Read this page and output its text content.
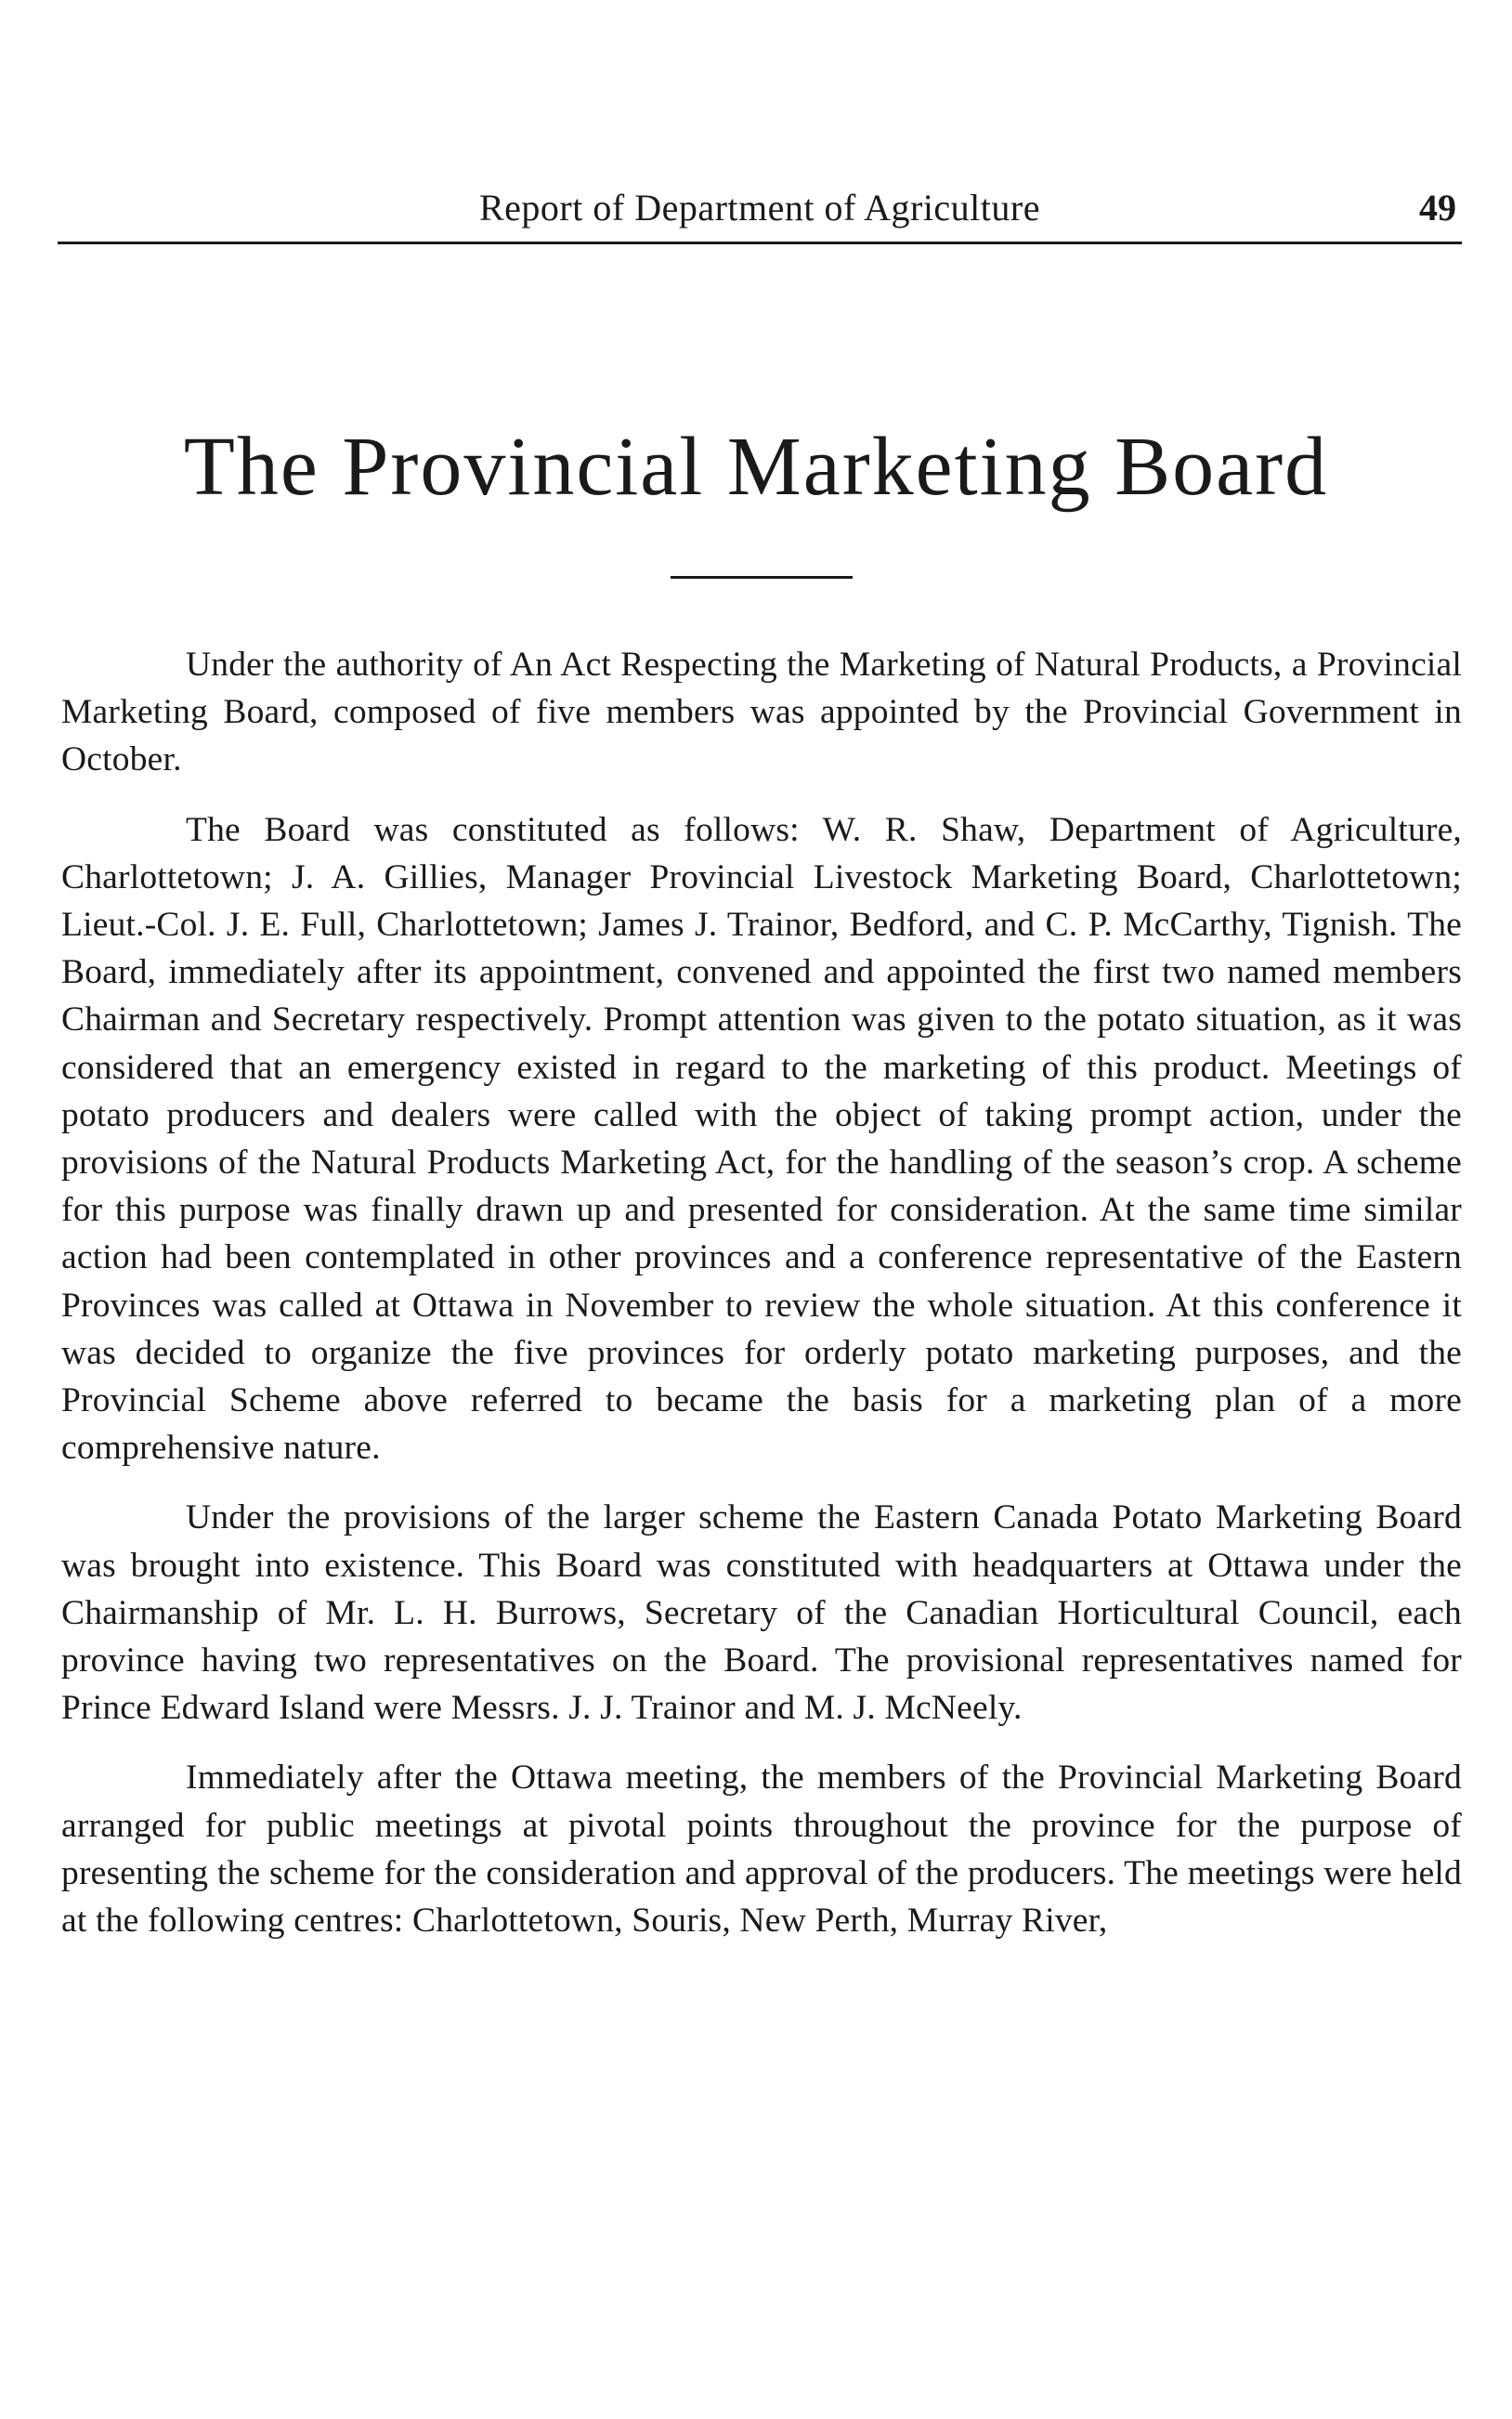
Report of Department of Agriculture	49
The Provincial Marketing Board

Under the authority of An Act Respecting the Marketing of Natural Products, a Provincial Marketing Board, composed of five members was appointed by the Provincial Government in October.

The Board was constituted as follows: W. R. Shaw, Department of Agriculture, Charlottetown; J. A. Gillies, Manager Provincial Livestock Marketing Board, Charlottetown; Lieut.-Col. J. E. Full, Charlottetown; James J. Trainor, Bedford, and C. P. McCarthy, Tignish. The Board, immediately after its appointment, convened and appointed the first two named members Chairman and Secretary respectively. Prompt attention was given to the potato situation, as it was considered that an emergency existed in regard to the marketing of this product. Meetings of potato producers and dealers were called with the object of taking prompt action, under the provisions of the Natural Products Marketing Act, for the handling of the season’s crop. A scheme for this purpose was finally drawn up and presented for consideration. At the same time similar action had been contemplated in other provinces and a conference representative of the Eastern Provinces was called at Ottawa in November to review the whole situation. At this conference it was decided to organize the five provinces for orderly potato marketing purposes, and the Provincial Scheme above referred to became the basis for a marketing plan of a more comprehensive nature.

Under the provisions of the larger scheme the Eastern Canada Potato Marketing Board was brought into existence. This Board was constituted with headquarters at Ottawa under the Chairmanship of Mr. L. H. Burrows, Secretary of the Canadian Horticultural Council, each province having two representatives on the Board. The provisional representatives named for Prince Edward Island were Messrs. J. J. Trainor and M. J. McNeely.

Immediately after the Ottawa meeting, the members of the Provincial Marketing Board arranged for public meetings at pivotal points throughout the province for the purpose of presenting the scheme for the consideration and approval of the producers. The meetings were held at the following centres: Charlottetown, Souris, New Perth, Murray River,
